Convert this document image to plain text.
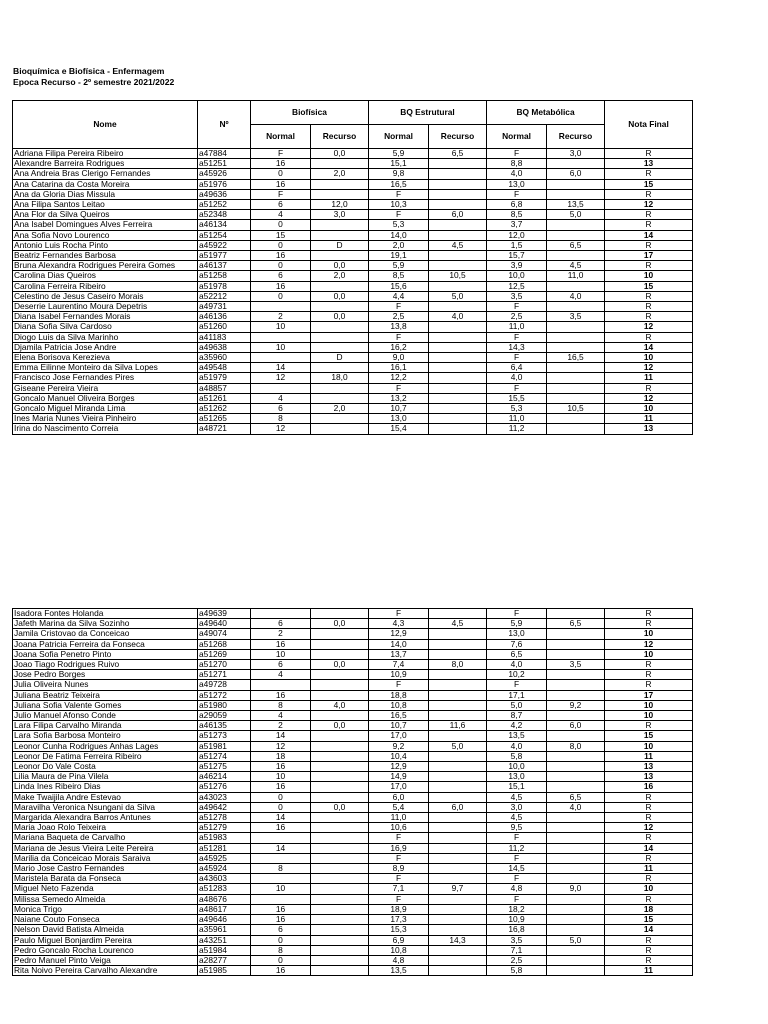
Bioquímica e Biofísica - Enfermagem
Epoca Recurso - 2º semestre 2021/2022
Nome	Nº	Biofísica		BQ Estrutural		BQ Metabólica		Nota Final
		Normal	Recurso	Normal	Recurso	Normal	Recurso	
Adriana Filipa Pereira Ribeiro	a47884	F	0,0	5,9	6,5	F	3,0	R
Alexandre Barreira Rodrigues	a51251	16		15,1		8,8		13
Ana Andreia Bras Clerigo Fernandes	a45926	0	2,0	9,8		4,0	6,0	R
Ana Catarina da Costa Moreira	a51976	16		16,5		13,0		15
Ana da Gloria Dias Missula	a49636	F		F		F		R
Ana Filipa Santos Leitao	a51252	6	12,0	10,3		6,8	13,5	12
Ana Flor da Silva Queiros	a52348	4	3,0	F	6,0	8,5	5,0	R
Ana Isabel Domingues Alves Ferreira	a46134	0		5,3		3,7		R
Ana Sofia Novo Lourenco	a51254	15		14,0		12,0		14
Antonio Luis Rocha Pinto	a45922	0	D	2,0	4,5	1,5	6,5	R
Beatriz Fernandes Barbosa	a51977	16		19,1		15,7		17
Bruna Alexandra Rodrigues Pereira Gomes	a46137	0	0,0	5,9		3,9	4,5	R
Carolina Dias Queiros	a51258	6	2,0	8,5	10,5	10,0	11,0	10
Carolina Ferreira Ribeiro	a51978	16		15,6		12,5		15
Celestino de Jesus Caseiro Morais	a52212	0	0,0	4,4	5,0	3,5	4,0	R
Deserrie Laurentino Moura Depetris	a49731			F		F		R
Diana Isabel Fernandes Morais	a46136	2	0,0	2,5	4,0	2,5	3,5	R
Diana Sofia Silva Cardoso	a51260	10		13,8		11,0		12
Diogo Luis da Silva Marinho	a41183			F		F		R
Djamila Patricia Jose Andre	a49638	10		16,2		14,3		14
Elena Borisova Kerezieva	a35960		D	9,0		F	16,5	10
Emma Eilinne Monteiro da Silva Lopes	a49548	14		16,1		6,4		12
Francisco Jose Fernandes Pires	a51979	12	18,0	12,2		4,0		11
Giseane Pereira Vieira	a48857			F		F		R
Goncalo Manuel Oliveira Borges	a51261	4		13,2		15,5		12
Goncalo Miguel Miranda Lima	a51262	6	2,0	10,7		5,3	10,5	10
Ines Maria Nunes Vieira Pinheiro	a51265	8		13,0		11,0		11
Irina do Nascimento Correia	a48721	12		15,4		11,2		13
Isadora Fontes Holanda	a49639			F		F		R
Jafeth Marina da Silva Sozinho	a49640	6	0,0	4,3	4,5	5,9	6,5	R
Jamila Cristovao da Conceicao	a49074	2		12,9		13,0		10
Joana Patricia Ferreira da Fonseca	a51268	16		14,0		7,6		12
Joana Sofia Penetro Pinto	a51269	10		13,7		6,5		10
Joao Tiago Rodrigues Ruivo	a51270	6	0,0	7,4	8,0	4,0	3,5	R
Jose Pedro Borges	a51271	4		10,9		10,2		R
Julia Oliveira Nunes	a49728			F		F		R
Juliana Beatriz Teixeira	a51272	16		18,8		17,1		17
Juliana Sofia Valente Gomes	a51980	8	4,0	10,8		5,0	9,2	10
Julio Manuel Afonso Conde	a29059	4		16,5		8,7		10
Lara Filipa Carvalho Miranda	a46135	2	0,0	10,7	11,6	4,2	6,0	R
Lara Sofia Barbosa Monteiro	a51273	14		17,0		13,5		15
Leonor Cunha Rodrigues Anhas Lages	a51981	12		9,2	5,0	4,0	8,0	10
Leonor De Fatima Ferreira Ribeiro	a51274	18		10,4		5,8		11
Leonor Do Vale Costa	a51275	16		12,9		10,0		13
Lilia Maura de Pina Vilela	a46214	10		14,9		13,0		13
Linda Ines Ribeiro Dias	a51276	16		17,0		15,1		16
Make Twaijila Andre Estevao	a43023	0		6,0		4,5	6,5	R
Maravilha Veronica Nsungani da Silva	a49642	0	0,0	5,4	6,0	3,0	4,0	R
Margarida Alexandra Barros Antunes	a51278	14		11,0		4,5		R
Maria Joao Rolo Teixeira	a51279	16		10,6		9,5		12
Mariana Baqueta de Carvalho	a51983			F		F		R
Mariana de Jesus Vieira Leite Pereira	a51281	14		16,9		11,2		14
Marilia da Conceicao Morais Saraiva	a45925			F		F		R
Mario Jose Castro Fernandes	a45924	8		8,9		14,5		11
Maristela Barata da Fonseca	a43603			F		F		R
Miguel Neto Fazenda	a51283	10		7,1	9,7	4,8	9,0	10
Milissa Semedo Almeida	a48676			F		F		R
Monica Trigo	a48617	16		18,9		18,2		18
Naiane Couto Fonseca	a49646	16		17,3		10,9		15
Nelson David Batista Almeida	a35961	6		15,3		16,8		14
Paulo Miguel Bonjardim Pereira	a43251	0		6,9	14,3	3,5	5,0	R
Pedro Goncalo Rocha Lourenco	a51984	8		10,8		7,1		R
Pedro Manuel Pinto Veiga	a28277	0		4,8		2,5		R
Rita Noivo Pereira Carvalho Alexandre	a51985	16		13,5		5,8		11
